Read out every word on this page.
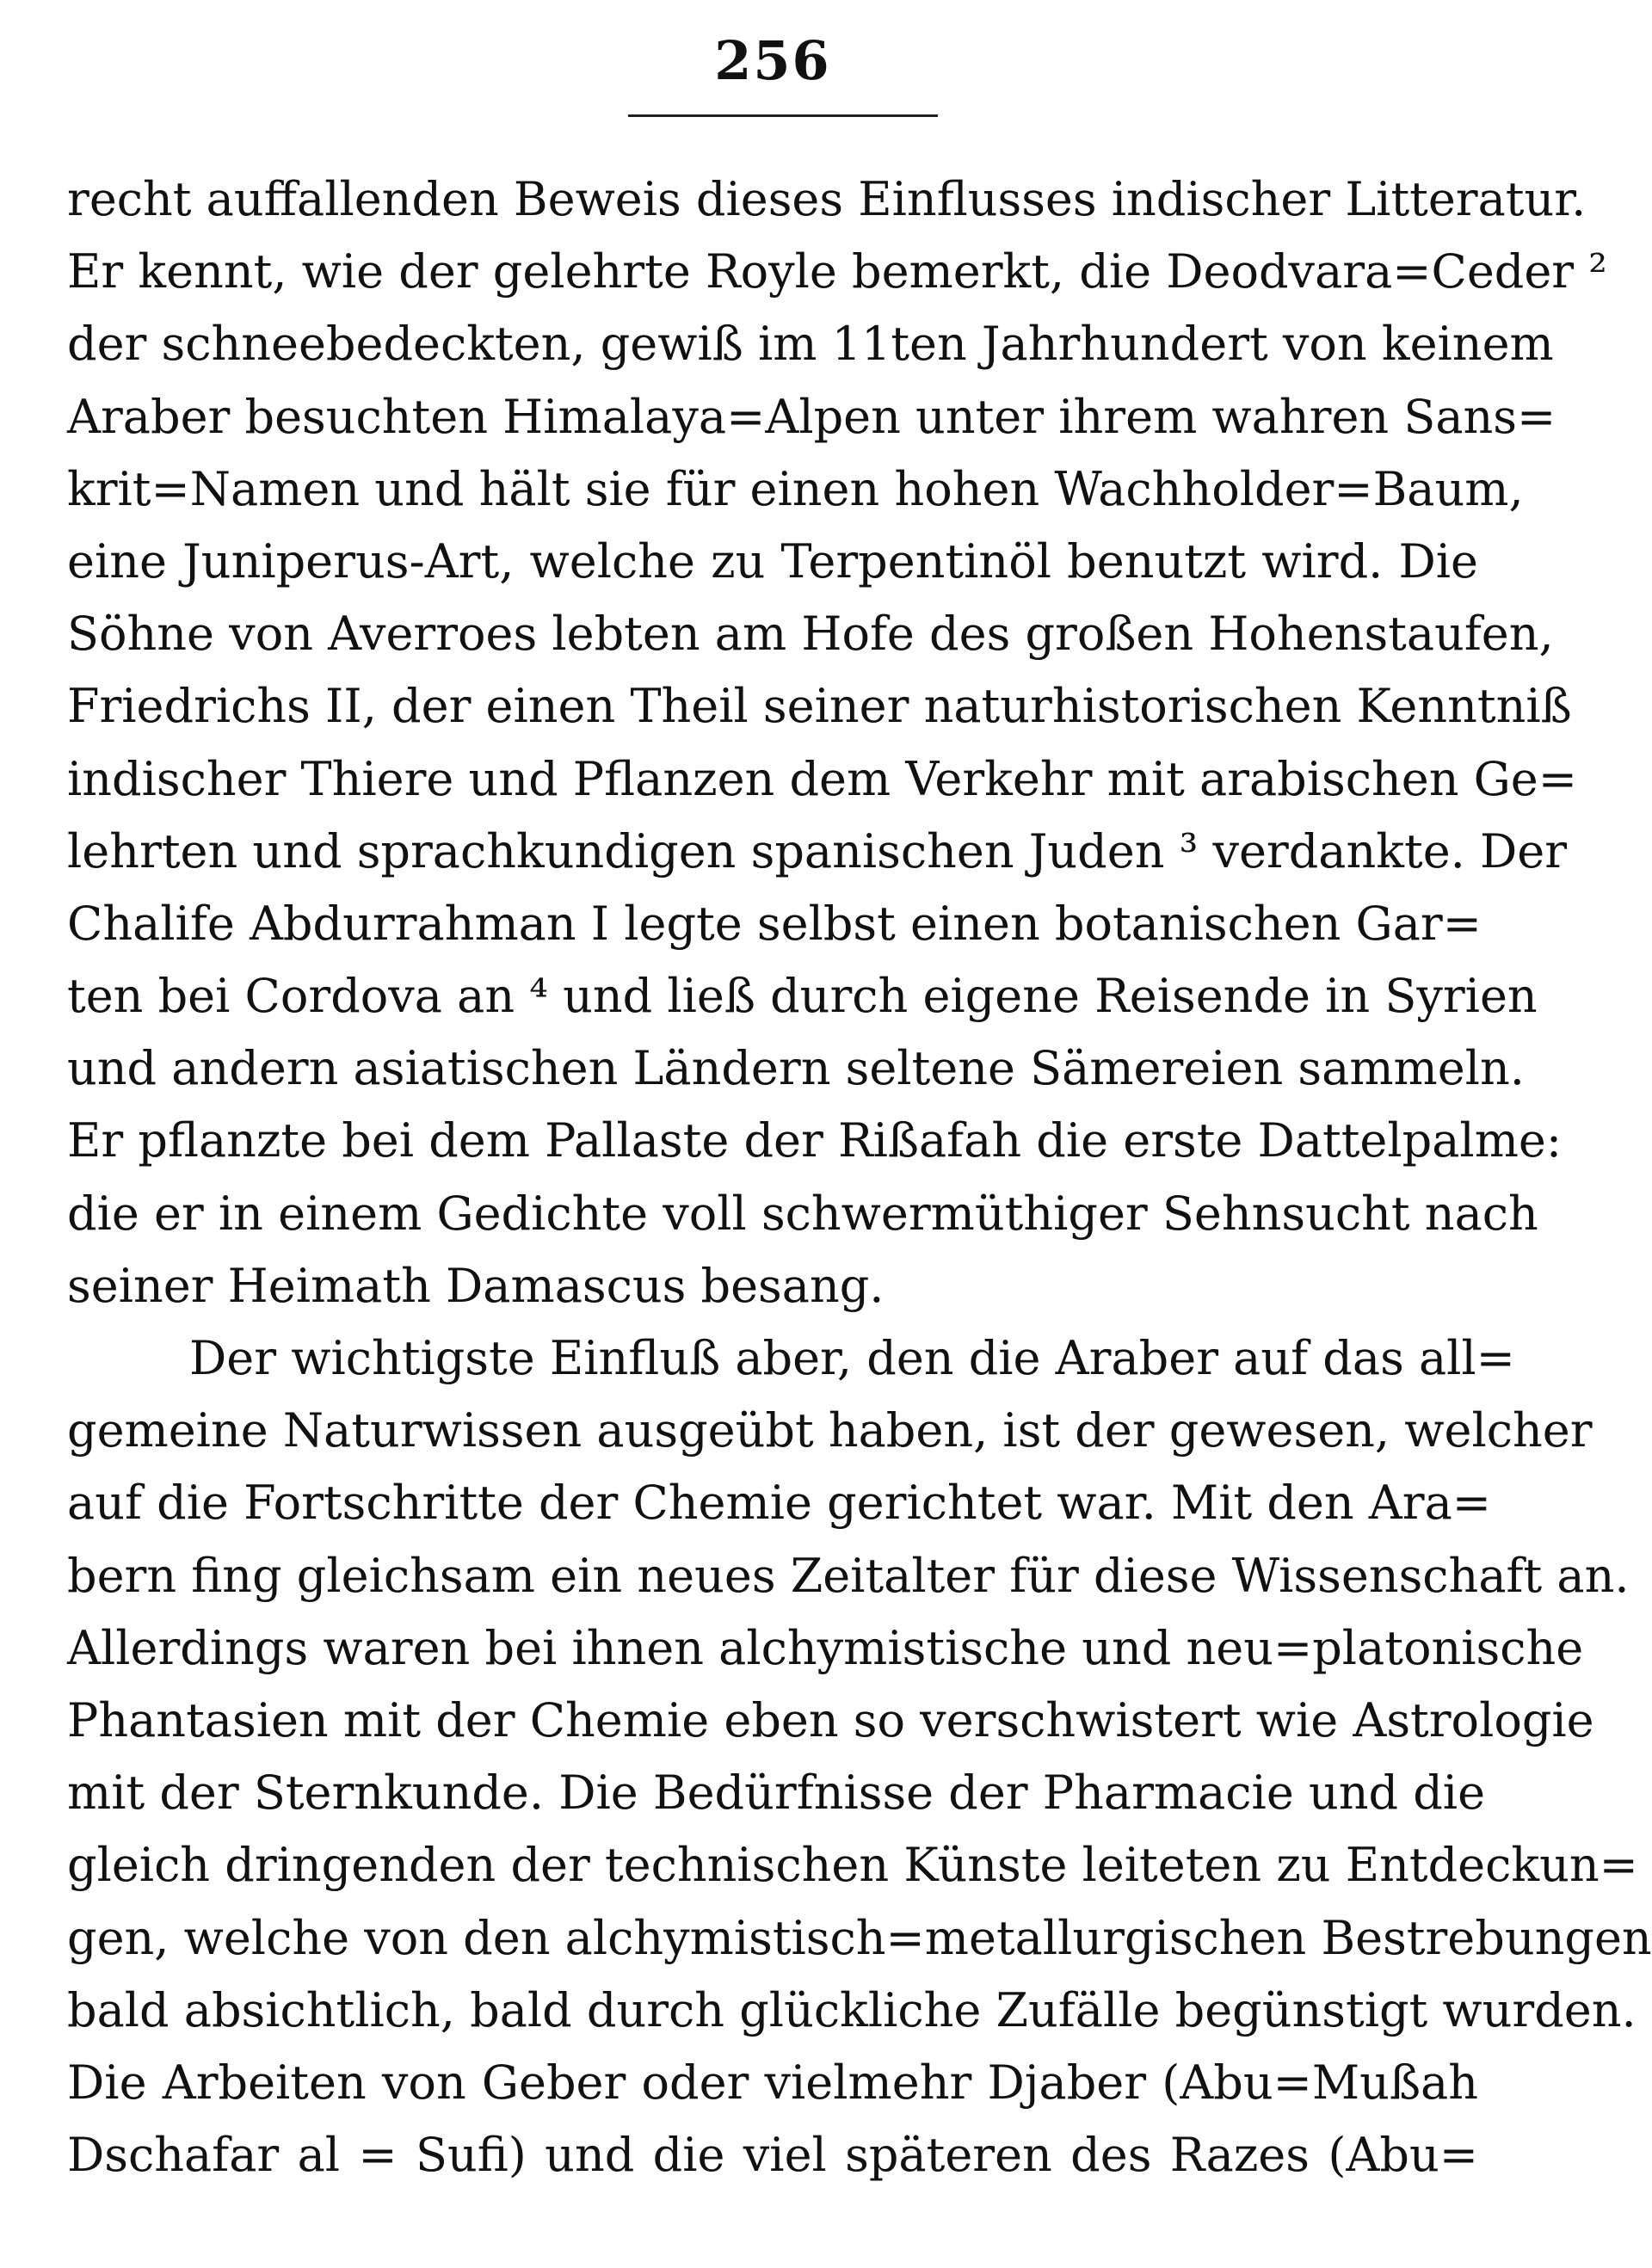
256
recht auffallenden Beweis dieses Einflusses indischer Litteratur.
Er kennt, wie der gelehrte Royle bemerkt, die Deodvara=Ceder ²
der schneebedeckten, gewiß im 11ten Jahrhundert von keinem
Araber besuchten Himalaya=Alpen unter ihrem wahren Sans=
krit=Namen und hält sie für einen hohen Wachholder=Baum,
eine Juniperus-Art, welche zu Terpentinöl benutzt wird. Die
Söhne von Averroes lebten am Hofe des großen Hohenstaufen,
Friedrichs II, der einen Theil seiner naturhistorischen Kenntniß
indischer Thiere und Pflanzen dem Verkehr mit arabischen Ge=
lehrten und sprachkundigen spanischen Juden ³ verdankte. Der
Chalife Abdurrahman I legte selbst einen botanischen Gar=
ten bei Cordova an ⁴ und ließ durch eigene Reisende in Syrien
und andern asiatischen Ländern seltene Sämereien sammeln.
Er pflanzte bei dem Pallaste der Rißafah die erste Dattelpalme:
die er in einem Gedichte voll schwermüthiger Sehnsucht nach
seiner Heimath Damascus besang.
Der wichtigste Einfluß aber, den die Araber auf das all=
gemeine Naturwissen ausgeübt haben, ist der gewesen, welcher
auf die Fortschritte der Chemie gerichtet war. Mit den Ara=
bern fing gleichsam ein neues Zeitalter für diese Wissenschaft an.
Allerdings waren bei ihnen alchymistische und neu=platonische
Phantasien mit der Chemie eben so verschwistert wie Astrologie
mit der Sternkunde. Die Bedürfnisse der Pharmacie und die
gleich dringenden der technischen Künste leiteten zu Entdeckun=
gen, welche von den alchymistisch=metallurgischen Bestrebungen
bald absichtlich, bald durch glückliche Zufälle begünstigt wurden.
Die Arbeiten von Geber oder vielmehr Djaber (Abu=Mußah
Dschafar al = Sufi) und die viel späteren des Razes (Abu=
